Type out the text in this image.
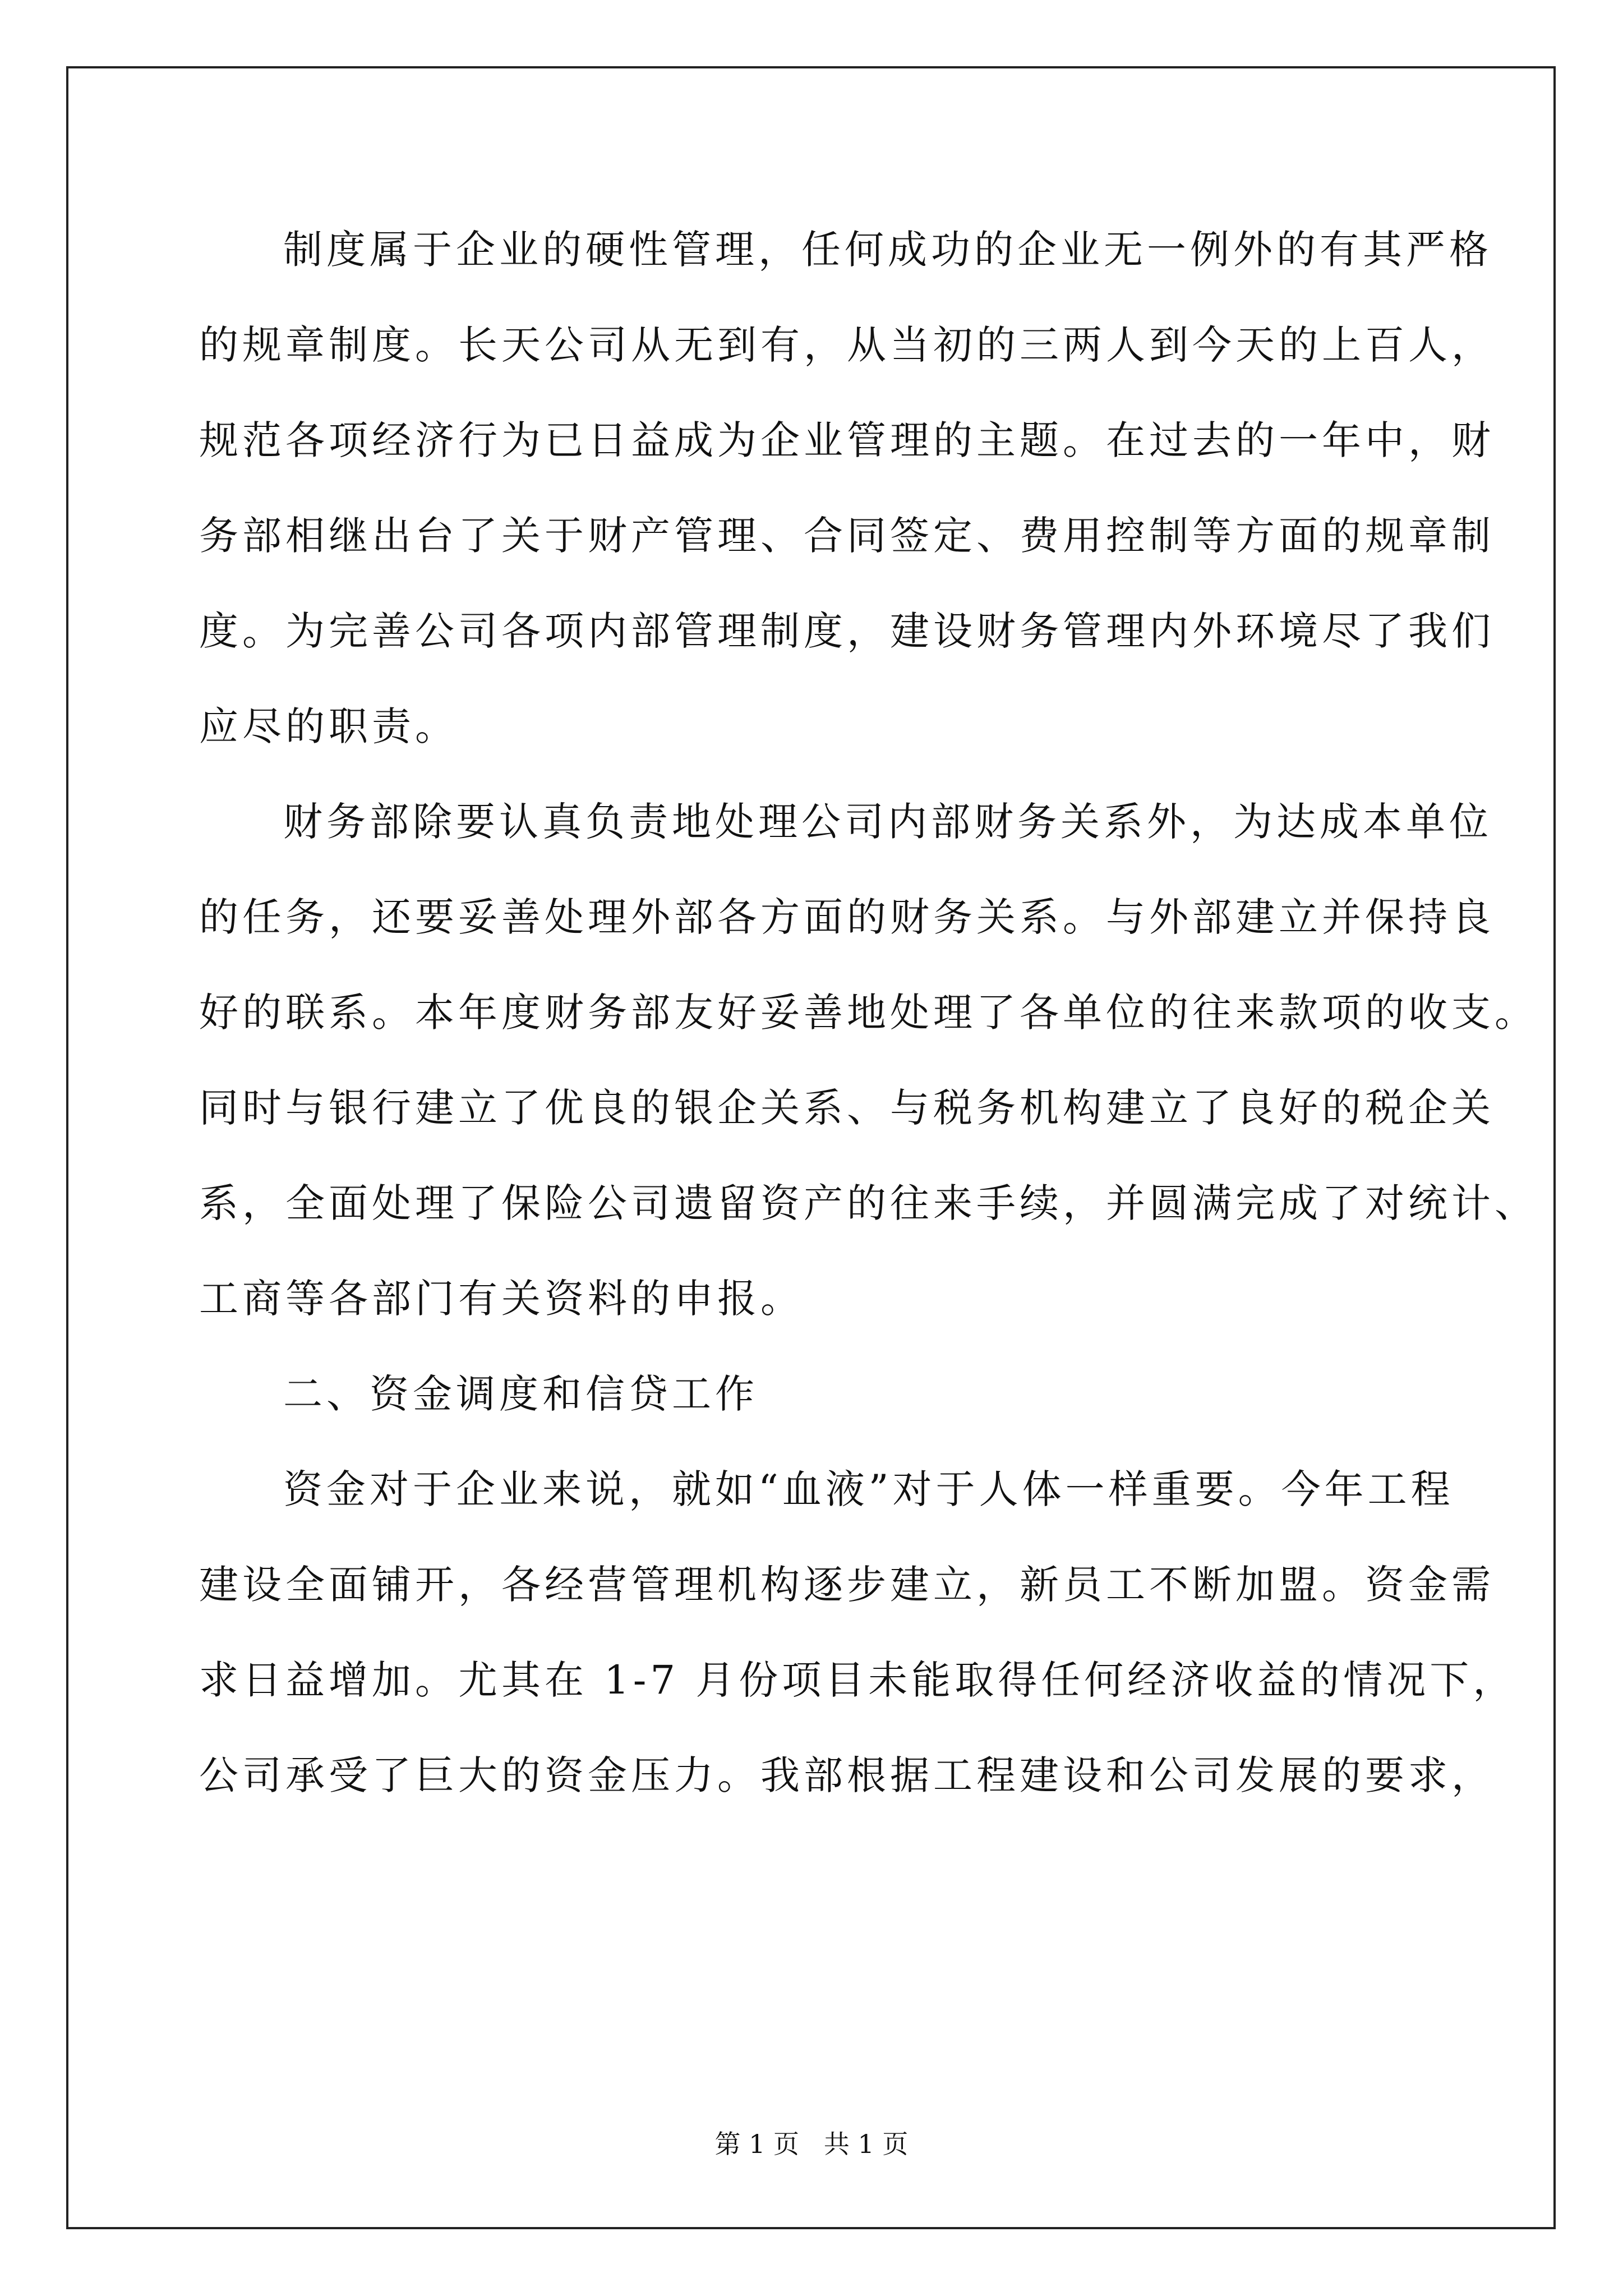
制度属于企业的硬性管理，任何成功的企业无一例外的有其严格
的规章制度。长天公司从无到有，从当初的三两人到今天的上百人，
规范各项经济行为已日益成为企业管理的主题。在过去的一年中，财
务部相继出台了关于财产管理、合同签定、费用控制等方面的规章制
度。为完善公司各项内部管理制度，建设财务管理内外环境尽了我们
应尽的职责。
财务部除要认真负责地处理公司内部财务关系外，为达成本单位
的任务，还要妥善处理外部各方面的财务关系。与外部建立并保持良
好的联系。本年度财务部友好妥善地处理了各单位的往来款项的收支。
同时与银行建立了优良的银企关系、与税务机构建立了良好的税企关
系，全面处理了保险公司遗留资产的往来手续，并圆满完成了对统计、
工商等各部门有关资料的申报。
二、资金调度和信贷工作
资金对于企业来说，就如“血液”对于人体一样重要。今年工程
建设全面铺开，各经营管理机构逐步建立，新员工不断加盟。资金需
求日益增加。尤其在 1-7 月份项目未能取得任何经济收益的情况下，
公司承受了巨大的资金压力。我部根据工程建设和公司发展的要求，
第 1 页   共 1 页
